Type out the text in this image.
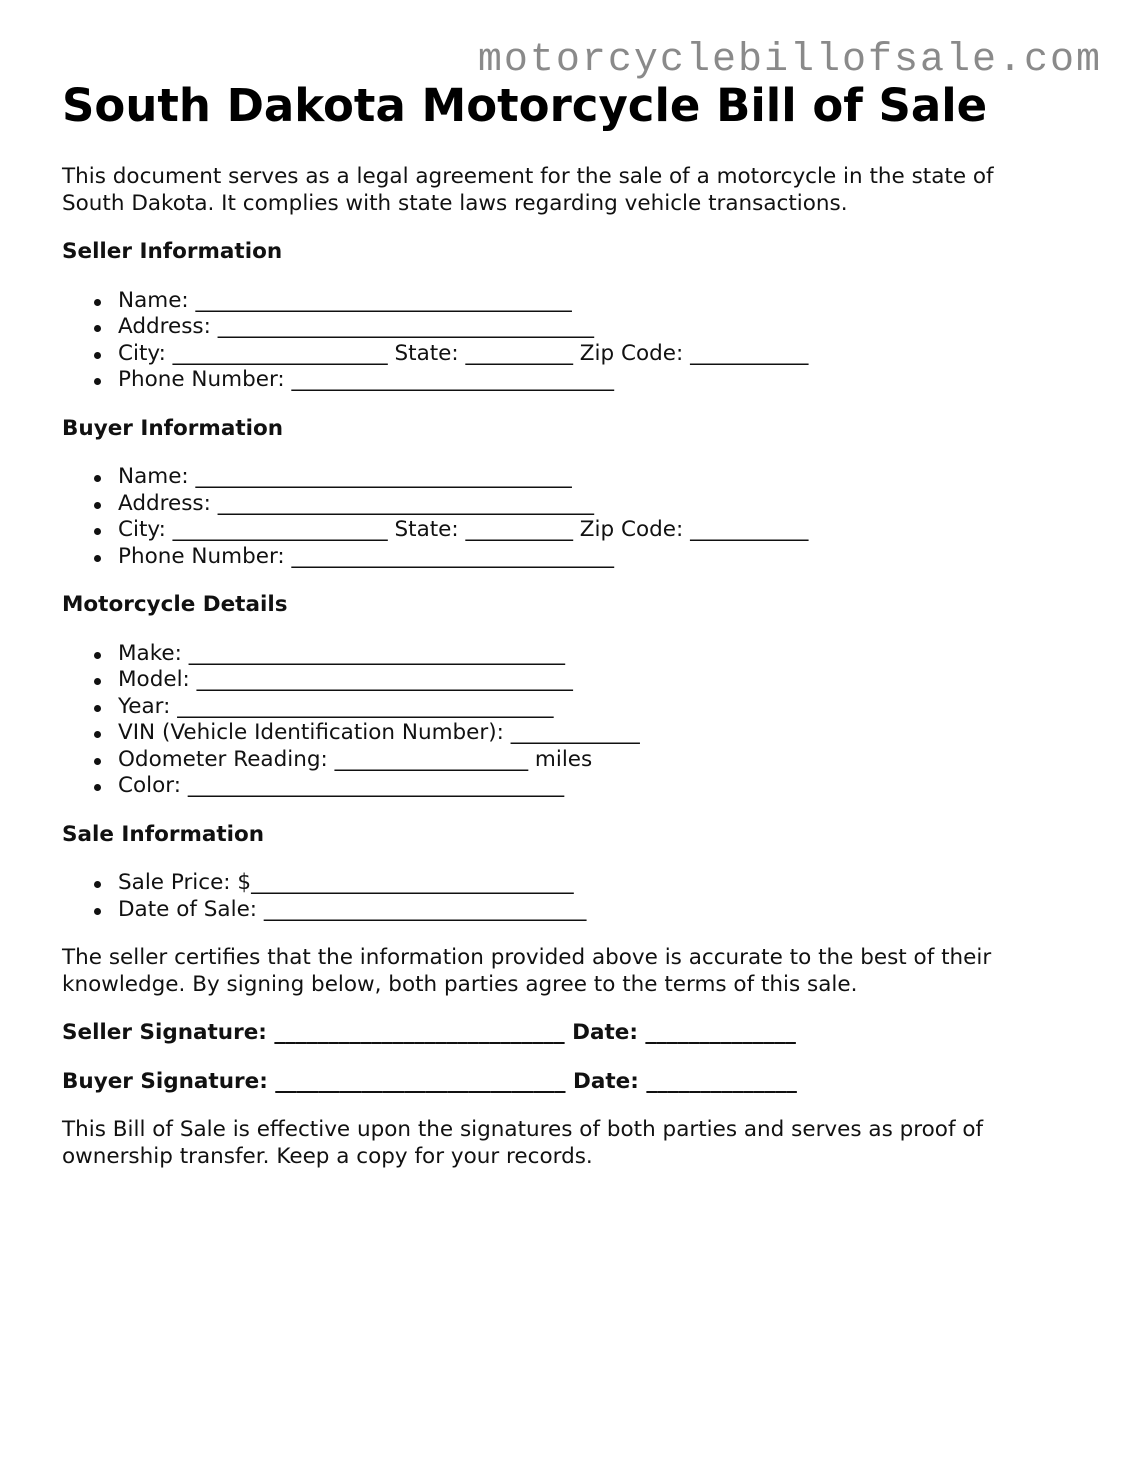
motorcyclebillofsale.com
South Dakota Motorcycle Bill of Sale

This document serves as a legal agreement for the sale of a motorcycle in the state of South Dakota. It complies with state laws regarding vehicle transactions.

Seller Information
Name: ___________________________________
Address: ___________________________________
City: ____________________ State: __________ Zip Code: ___________
Phone Number: ______________________________
Buyer Information
Name: ___________________________________
Address: ___________________________________
City: ____________________ State: __________ Zip Code: ___________
Phone Number: ______________________________
Motorcycle Details
Make: ___________________________________
Model: ___________________________________
Year: ___________________________________
VIN (Vehicle Identification Number): ____________
Odometer Reading: __________________ miles
Color: ___________________________________
Sale Information
Sale Price: $______________________________
Date of Sale: ______________________________

The seller certifies that the information provided above is accurate to the best of their knowledge. By signing below, both parties agree to the terms of this sale.

Seller Signature: ___________________________ Date: ______________
Buyer Signature: ___________________________ Date: ______________

This Bill of Sale is effective upon the signatures of both parties and serves as proof of ownership transfer. Keep a copy for your records.
